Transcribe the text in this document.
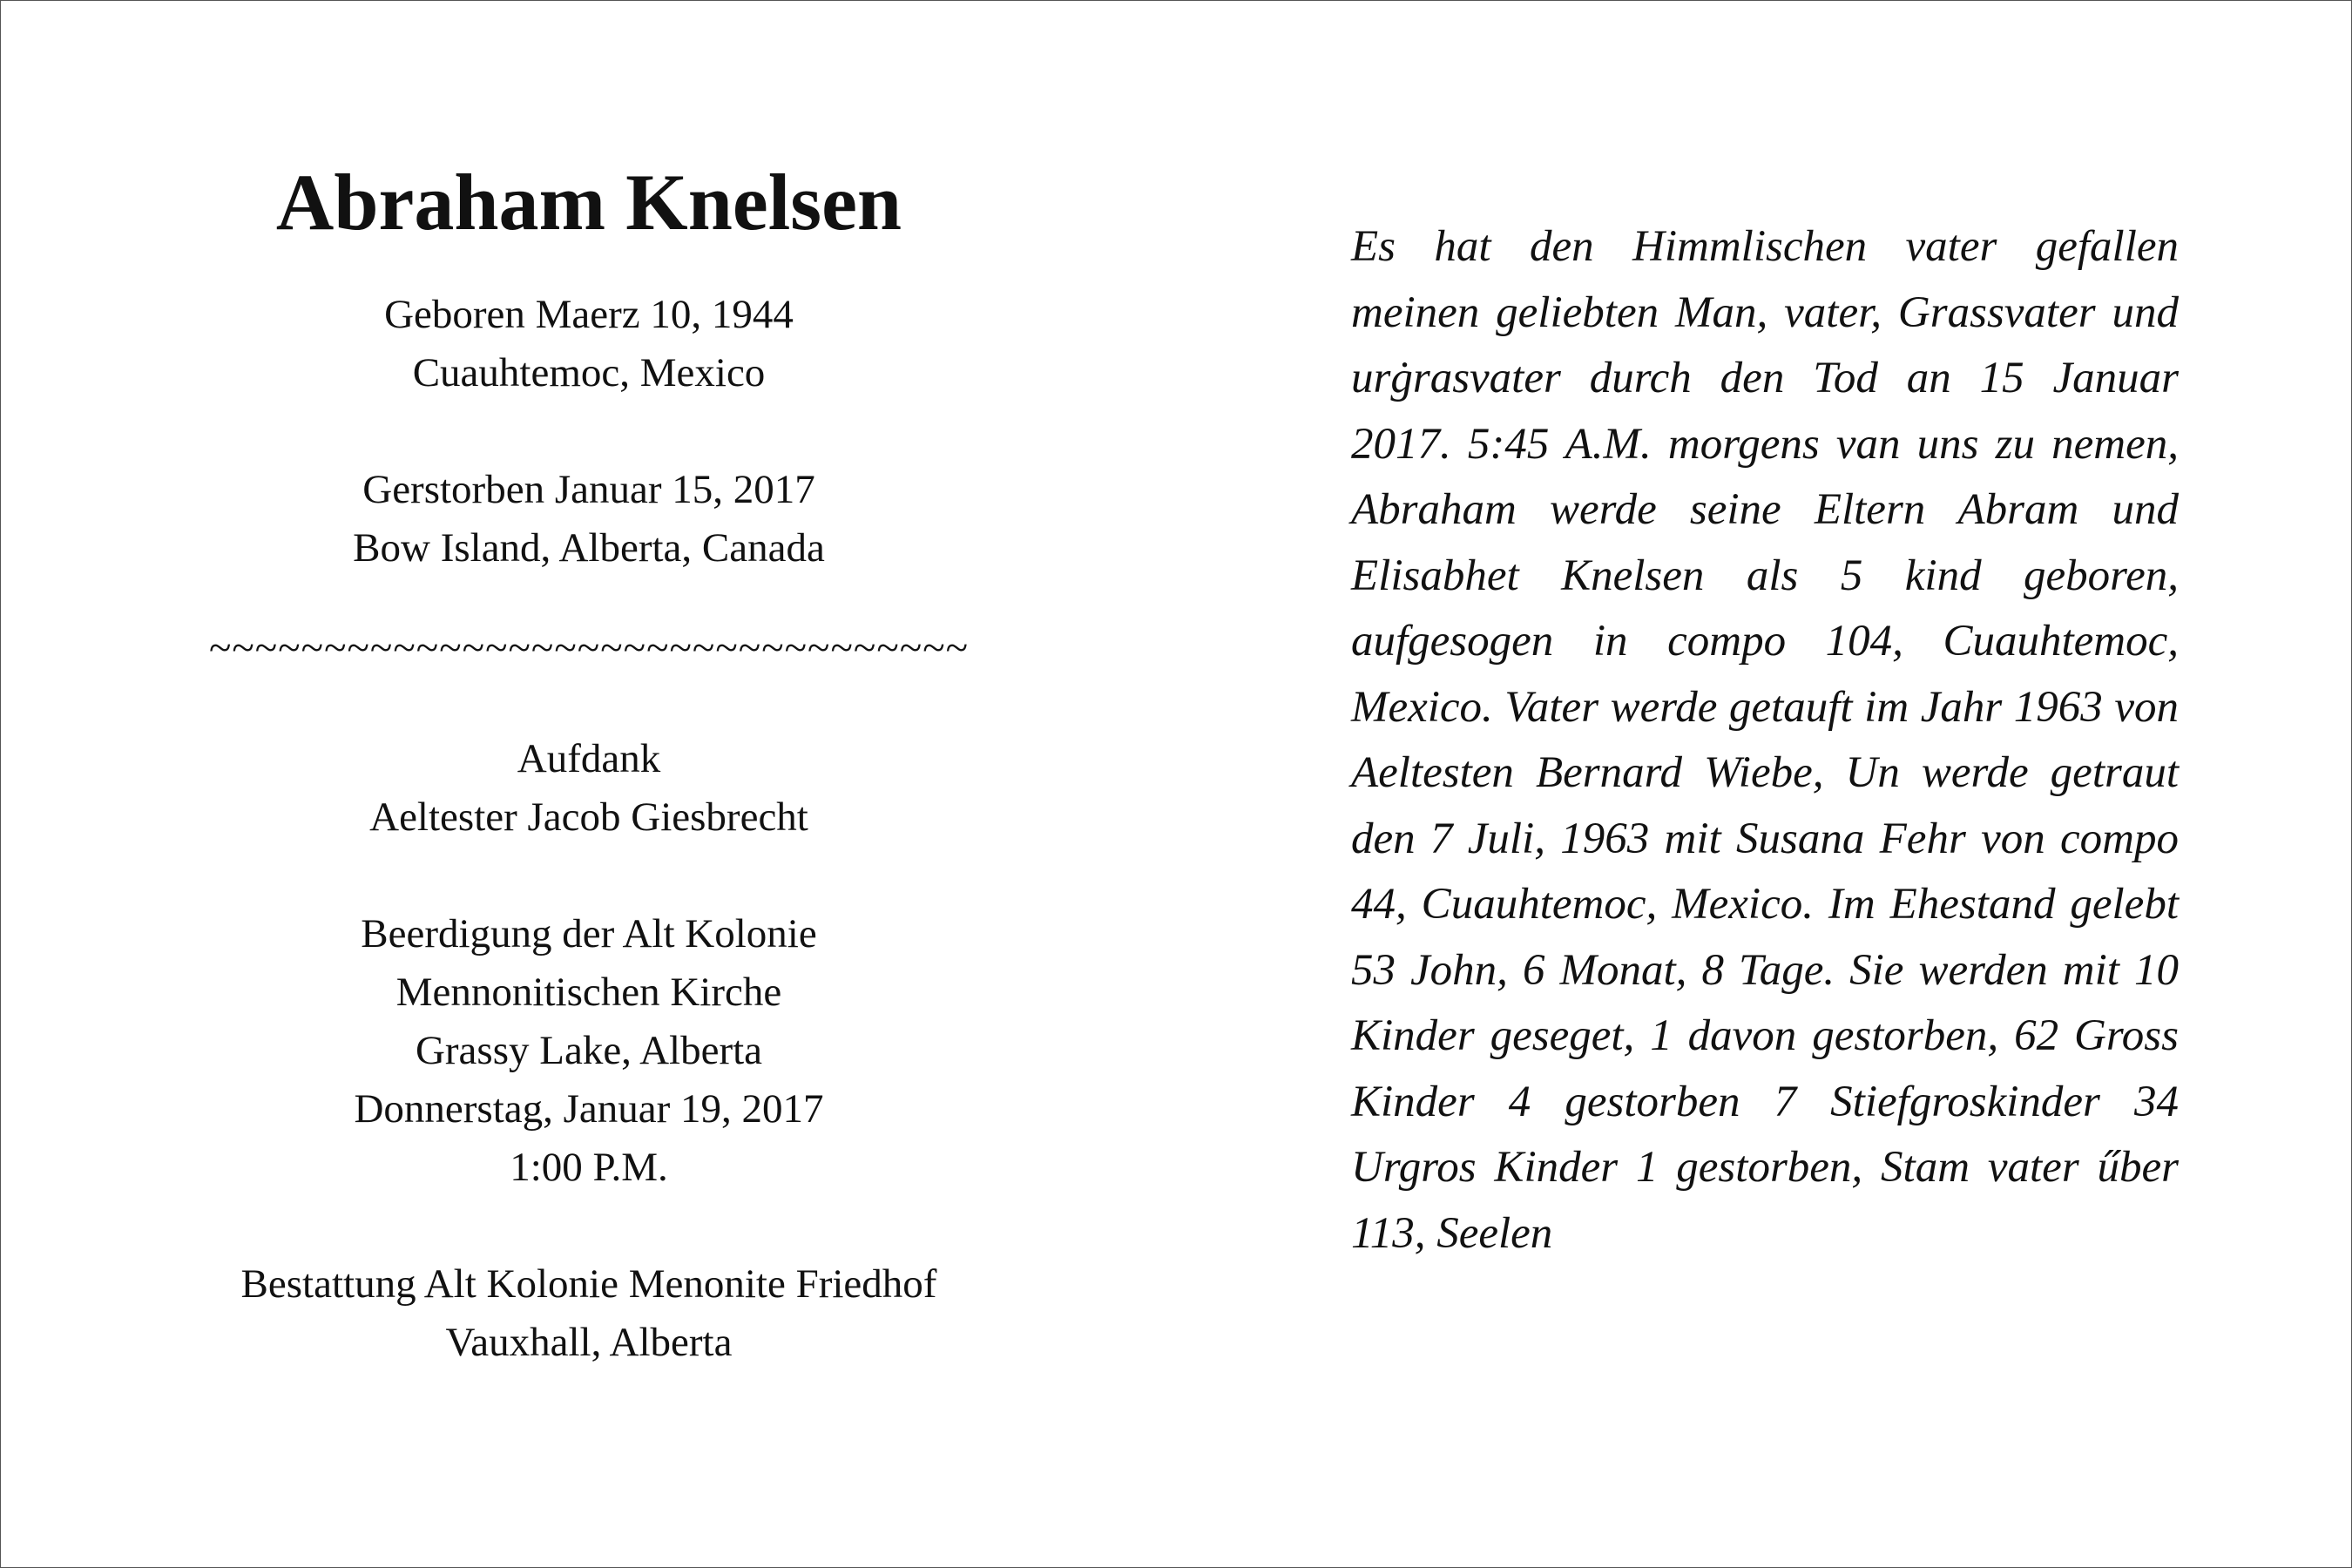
Abraham Knelsen
Geboren Maerz 10, 1944
Cuauhtemoc, Mexico
Gerstorben Januar 15, 2017
Bow Island, Alberta, Canada
~~~~~~~~~~~~~~~~~~~~~~~~~~~~~~~~~
Aufdank
Aeltester Jacob Giesbrecht
Beerdigung der Alt Kolonie
Mennonitischen Kirche
Grassy Lake, Alberta
Donnerstag, Januar 19, 2017
1:00 P.M.
Bestattung Alt Kolonie Menonite Friedhof
Vauxhall, Alberta

Es hat den Himmlischen vater gefallen meinen geliebten Man, vater, Grassvater und urġrasvater durch den Tod an 15 Januar 2017. 5:45 A.M. morgens van uns zu nemen, Abraham werde seine Eltern Abram und Elisabhet Knelsen als 5 kind geboren, aufgesogen in compo 104, Cuauhtemoc, Mexico. Vater werde getauft im Jahr 1963 von Aeltesten Bernard Wiebe, Un werde getraut den 7 Juli, 1963 mit Susana Fehr von compo 44, Cuauhtemoc, Mexico. Im Ehestand gelebt 53 John, 6 Monat, 8 Tage. Sie werden mit 10 Kinder geseget, 1 davon gestorben, 62 Gross Kinder 4 gestorben 7 Stiefgroskinder 34 Urgros Kinder 1 gestorben, Stam vater űber 113, Seelen
